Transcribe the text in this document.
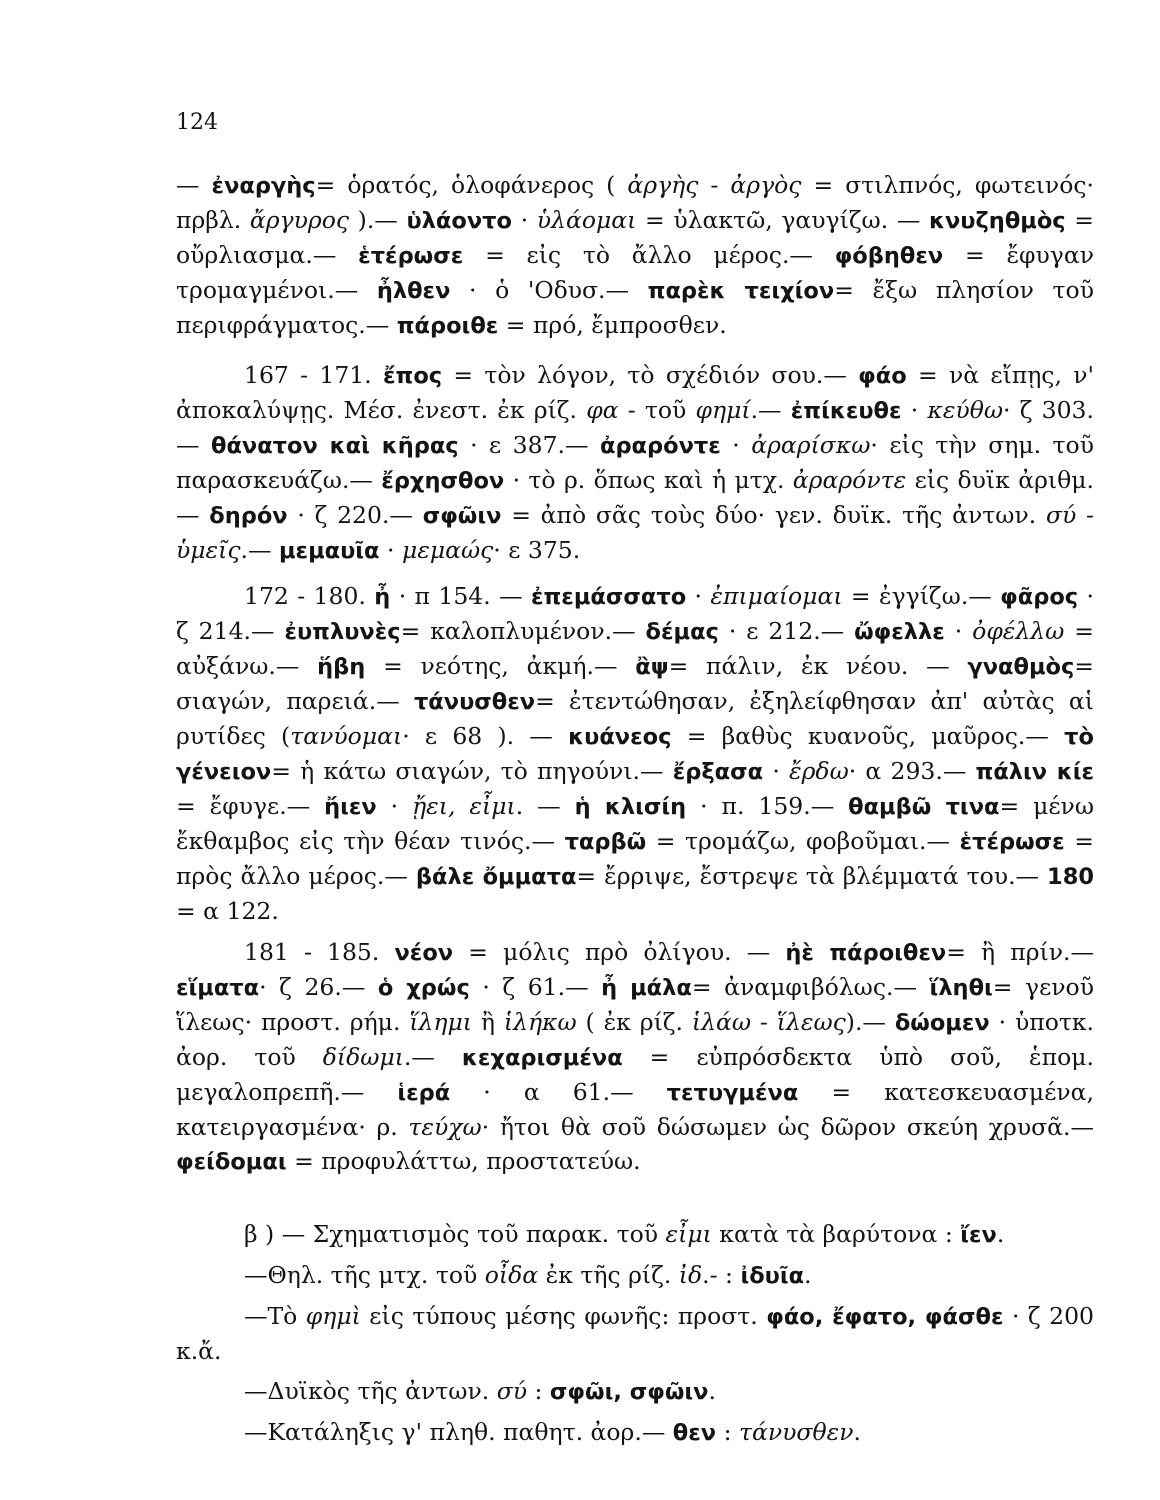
124

— ἐναργὴς= ὁρατός, ὁλοφάνερος ( ἀργὴς - ἀργὸς = στιλπνός, φωτεινός· πρβλ. ἄργυρος ).— ὑλάοντο · ὑλάομαι = ὑλακτῶ, γαυγίζω. — κνυζηθμὸς = οὔρλιασμα.— ἑτέρωσε = εἰς τὸ ἄλλο μέρος.— φόβηθεν = ἔφυγαν τρομαγμένοι.— ἦλθεν · ὁ 'Οδυσ.— παρὲκ τειχίον= ἔξω πλησίον τοῦ περιφράγματος.— πάροιθε = πρό, ἔμπροσθεν.

167 - 171. ἔπος = τὸν λόγον, τὸ σχέδιόν σου.— φάο = νὰ εἴπῃς, ν' ἀποκαλύψῃς. Μέσ. ἐνεστ. ἐκ ρίζ. φα - τοῦ φημί.— ἐπίκευθε · κεύθω· ζ 303.— θάνατον καὶ κῆρας · ε 387.— ἀραρόντε · ἀραρίσκω· εἰς τὴν σημ. τοῦ παρασκευάζω.— ἔρχησθον · τὸ ρ. ὅπως καὶ ἡ μτχ. ἀραρόντε εἰς δυϊκ ἀριθμ.— δηρόν · ζ 220.— σφῶιν = ἀπὸ σᾶς τοὺς δύο· γεν. δυϊκ. τῆς ἀντων. σύ - ὑμεῖς.— μεμαυῖα · μεμαώς· ε 375.

172 - 180. ἦ · π 154. — ἐπεμάσσατο · ἐπιμαίομαι = ἐγγίζω.— φᾶρος · ζ 214.— ἐυπλυνὲς= καλοπλυμένον.— δέμας · ε 212.— ὤφελλε · ὀφέλλω = αὐξάνω.— ἥβη = νεότης, ἀκμή.— ἂψ= πάλιν, ἐκ νέου. — γναθμὸς= σιαγών, παρειά.— τάνυσθεν= ἐτεντώθησαν, ἐξηλείφθησαν ἀπ' αὐτὰς αἱ ρυτίδες (τανύομαι· ε 68 ). — κυάνεος = βαθὺς κυανοῦς, μαῦρος.— τὸ γένειον= ἡ κάτω σιαγών, τὸ πηγούνι.— ἔρξασα · ἔρδω· α 293.— πάλιν κίε = ἔφυγε.— ἤιεν · ᾔει, εἶμι. — ἡ κλισίη · π. 159.— θαμβῶ τινα= μένω ἔκθαμβος εἰς τὴν θέαν τινός.— ταρβῶ = τρομάζω, φοβοῦμαι.— ἑτέρωσε = πρὸς ἄλλο μέρος.— βάλε ὄμματα= ἔρριψε, ἔστρεψε τὰ βλέμματά του.— 180 = α 122.

181 - 185. νέον = μόλις πρὸ ὀλίγου. — ἠὲ πάροιθεν= ἢ πρίν.— εἵματα· ζ 26.— ὁ χρώς · ζ 61.— ἦ μάλα= ἀναμφιβόλως.— ἵληθι= γενοῦ ἵλεως· προστ. ρήμ. ἵλημι ἢ ἱλήκω ( ἐκ ρίζ. ἱλάω - ἵλεως).— δώομεν · ὑποτκ. ἀορ. τοῦ δίδωμι.— κεχαρισμένα = εὐπρόσδεκτα ὑπὸ σοῦ, ἑπομ. μεγαλοπρεπῆ.— ἱερά · α 61.— τετυγμένα = κατεσκευασμένα, κατειργασμένα· ρ. τεύχω· ἤτοι θὰ σοῦ δώσωμεν ὡς δῶρον σκεύη χρυσᾶ.— φείδομαι = προφυλάττω, προστατεύω.

β ) — Σχηματισμὸς τοῦ παρακ. τοῦ εἶμι κατὰ τὰ βαρύτονα : ἴεν.

—Θηλ. τῆς μτχ. τοῦ οἶδα ἐκ τῆς ρίζ. ἰδ.- : ἰδυῖα.

—Τὸ φημὶ εἰς τύπους μέσης φωνῆς: προστ. φάο, ἔφατο, φάσθε · ζ 200 κ.ἄ.

—Δυϊκὸς τῆς ἀντων. σύ : σφῶι, σφῶιν.

—Κατάληξις γ' πληθ. παθητ. ἀορ.— θεν : τάνυσθεν.
